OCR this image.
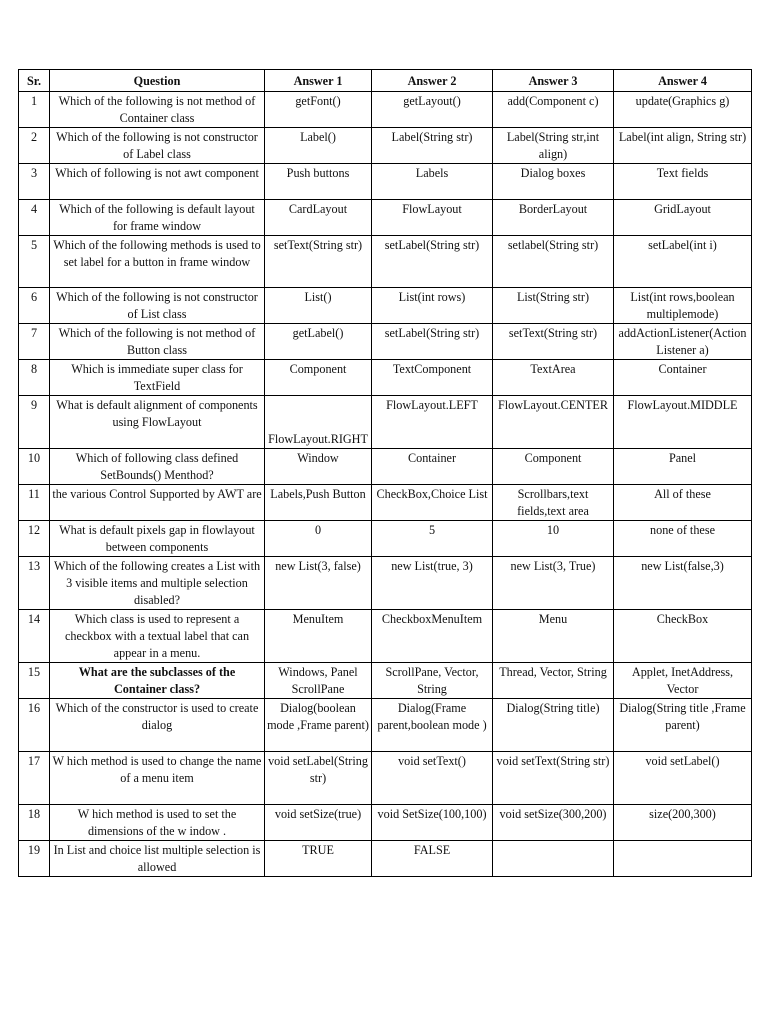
Sr.	Question	Answer 1	Answer 2	Answer 3	Answer 4
1	Which of the following is not method of Container class	getFont()	getLayout()	add(Component c)	update(Graphics g)
2	Which of the following is not constructor of Label class	Label()	Label(String str)	Label(String str,int align)	Label(int align, String str)
3	Which of following is not awt component	Push buttons	Labels	Dialog boxes	Text fields
4	Which of the following is default layout for frame window	CardLayout	FlowLayout	BorderLayout	GridLayout
5	Which of the following methods is used to set label for a button in frame window	setText(String str)	setLabel(String str)	setlabel(String str)	setLabel(int i)
6	Which of the following is not constructor of List class	List()	List(int rows)	List(String str)	List(int rows,boolean multiplemode)
7	Which of the following is not method of Button class	getLabel()	setLabel(String str)	setText(String str)	addActionListener(ActionListener a)
8	Which is immediate super class for TextField	Component	TextComponent	TextArea	Container
9	What is default alignment of components using FlowLayout	FlowLayout.RIGHT	FlowLayout.LEFT	FlowLayout.CENTER	FlowLayout.MIDDLE
10	Which of following class defined SetBounds() Menthod?	Window	Container	Component	Panel
11	the various Control Supported by AWT are	Labels,Push Button	CheckBox,Choice List	Scrollbars,text fields,text area	All of these
12	What is default pixels gap in flowlayout between components	0	5	10	none of these
13	Which of the following creates a List with 3 visible items and multiple selection disabled?	new List(3, false)	new List(true, 3)	new List(3, True)	new List(false,3)
14	Which class is used to represent a checkbox with a textual label that can appear in a menu.	MenuItem	CheckboxMenuItem	Menu	CheckBox
15	What are the subclasses of the Container class?	Windows, Panel ScrollPane	ScrollPane, Vector, String	Thread, Vector, String	Applet, InetAddress, Vector
16	Which of the constructor is used to create dialog	Dialog(boolean mode ,Frame parent)	Dialog(Frame parent,boolean mode )	Dialog(String title)	Dialog(String title ,Frame parent)
17	W hich method is used to change the name of a menu item	void setLabel(String str)	void setText()	void setText(String str)	void setLabel()
18	W hich method is used to set the dimensions of the w indow .	void setSize(true)	void SetSize(100,100)	void setSize(300,200)	size(200,300)
19	In List and choice list multiple selection is allowed	TRUE	FALSE		
